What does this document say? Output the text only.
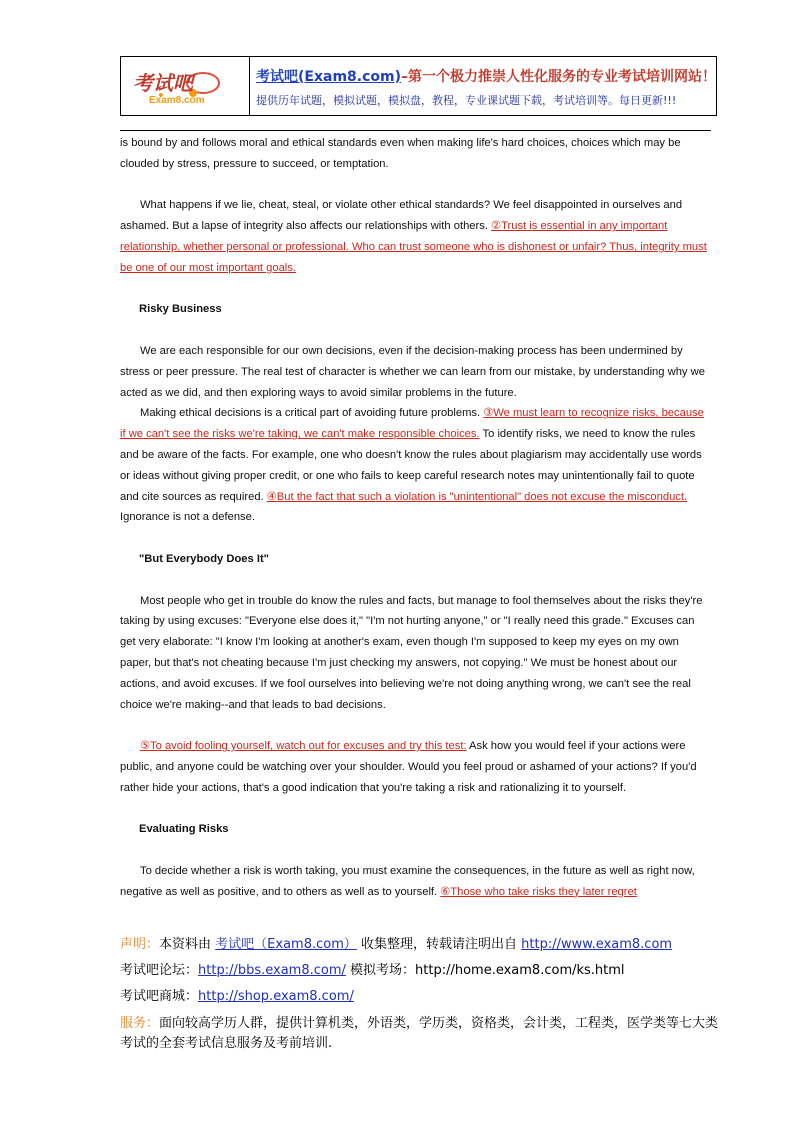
考试吧
Exam8.com
考试吧(Exam8.com)–第一个极力推崇人性化服务的专业考试培训网站！
提供历年试题，模拟试题，模拟盘，教程，专业课试题下载，考试培训等。每日更新!!!

is bound by and follows moral and ethical standards even when making life's hard choices, choices which may be clouded by stress, pressure to succeed, or temptation.

What happens if we lie, cheat, steal, or violate other ethical standards? We feel disappointed in ourselves and ashamed. But a lapse of integrity also affects our relationships with others. ②Trust is essential in any important relationship, whether personal or professional. Who can trust someone who is dishonest or unfair? Thus, integrity must be one of our most important goals.

Risky Business

We are each responsible for our own decisions, even if the decision-making process has been undermined by stress or peer pressure. The real test of character is whether we can learn from our mistake, by understanding why we acted as we did, and then exploring ways to avoid similar problems in the future.

Making ethical decisions is a critical part of avoiding future problems. ③We must learn to recognize risks, because if we can't see the risks we're taking, we can't make responsible choices. To identify risks, we need to know the rules and be aware of the facts. For example, one who doesn't know the rules about plagiarism may accidentally use words or ideas without giving proper credit, or one who fails to keep careful research notes may unintentionally fail to quote and cite sources as required. ④But the fact that such a violation is "unintentional" does not excuse the misconduct. Ignorance is not a defense.

"But Everybody Does It"

Most people who get in trouble do know the rules and facts, but manage to fool themselves about the risks they're taking by using excuses: "Everyone else does it," "I'm not hurting anyone," or "I really need this grade." Excuses can get very elaborate: "I know I'm looking at another's exam, even though I'm supposed to keep my eyes on my own paper, but that's not cheating because I'm just checking my answers, not copying." We must be honest about our actions, and avoid excuses. If we fool ourselves into believing we're not doing anything wrong, we can't see the real choice we're making--and that leads to bad decisions.

⑤To avoid fooling yourself, watch out for excuses and try this test: Ask how you would feel if your actions were public, and anyone could be watching over your shoulder. Would you feel proud or ashamed of your actions? If you'd rather hide your actions, that's a good indication that you're taking a risk and rationalizing it to yourself.

Evaluating Risks

To decide whether a risk is worth taking, you must examine the consequences, in the future as well as right now, negative as well as positive, and to others as well as to yourself. ⑥Those who take risks they later regret

声明：本资料由 考试吧（Exam8.com） 收集整理，转载请注明出自 http://www.exam8.com
考试吧论坛：http://bbs.exam8.com/ 模拟考场：http://home.exam8.com/ks.html
考试吧商城：http://shop.exam8.com/
服务：面向较高学历人群，提供计算机类，外语类，学历类，资格类，会计类，工程类，医学类等七大类考试的全套考试信息服务及考前培训.
